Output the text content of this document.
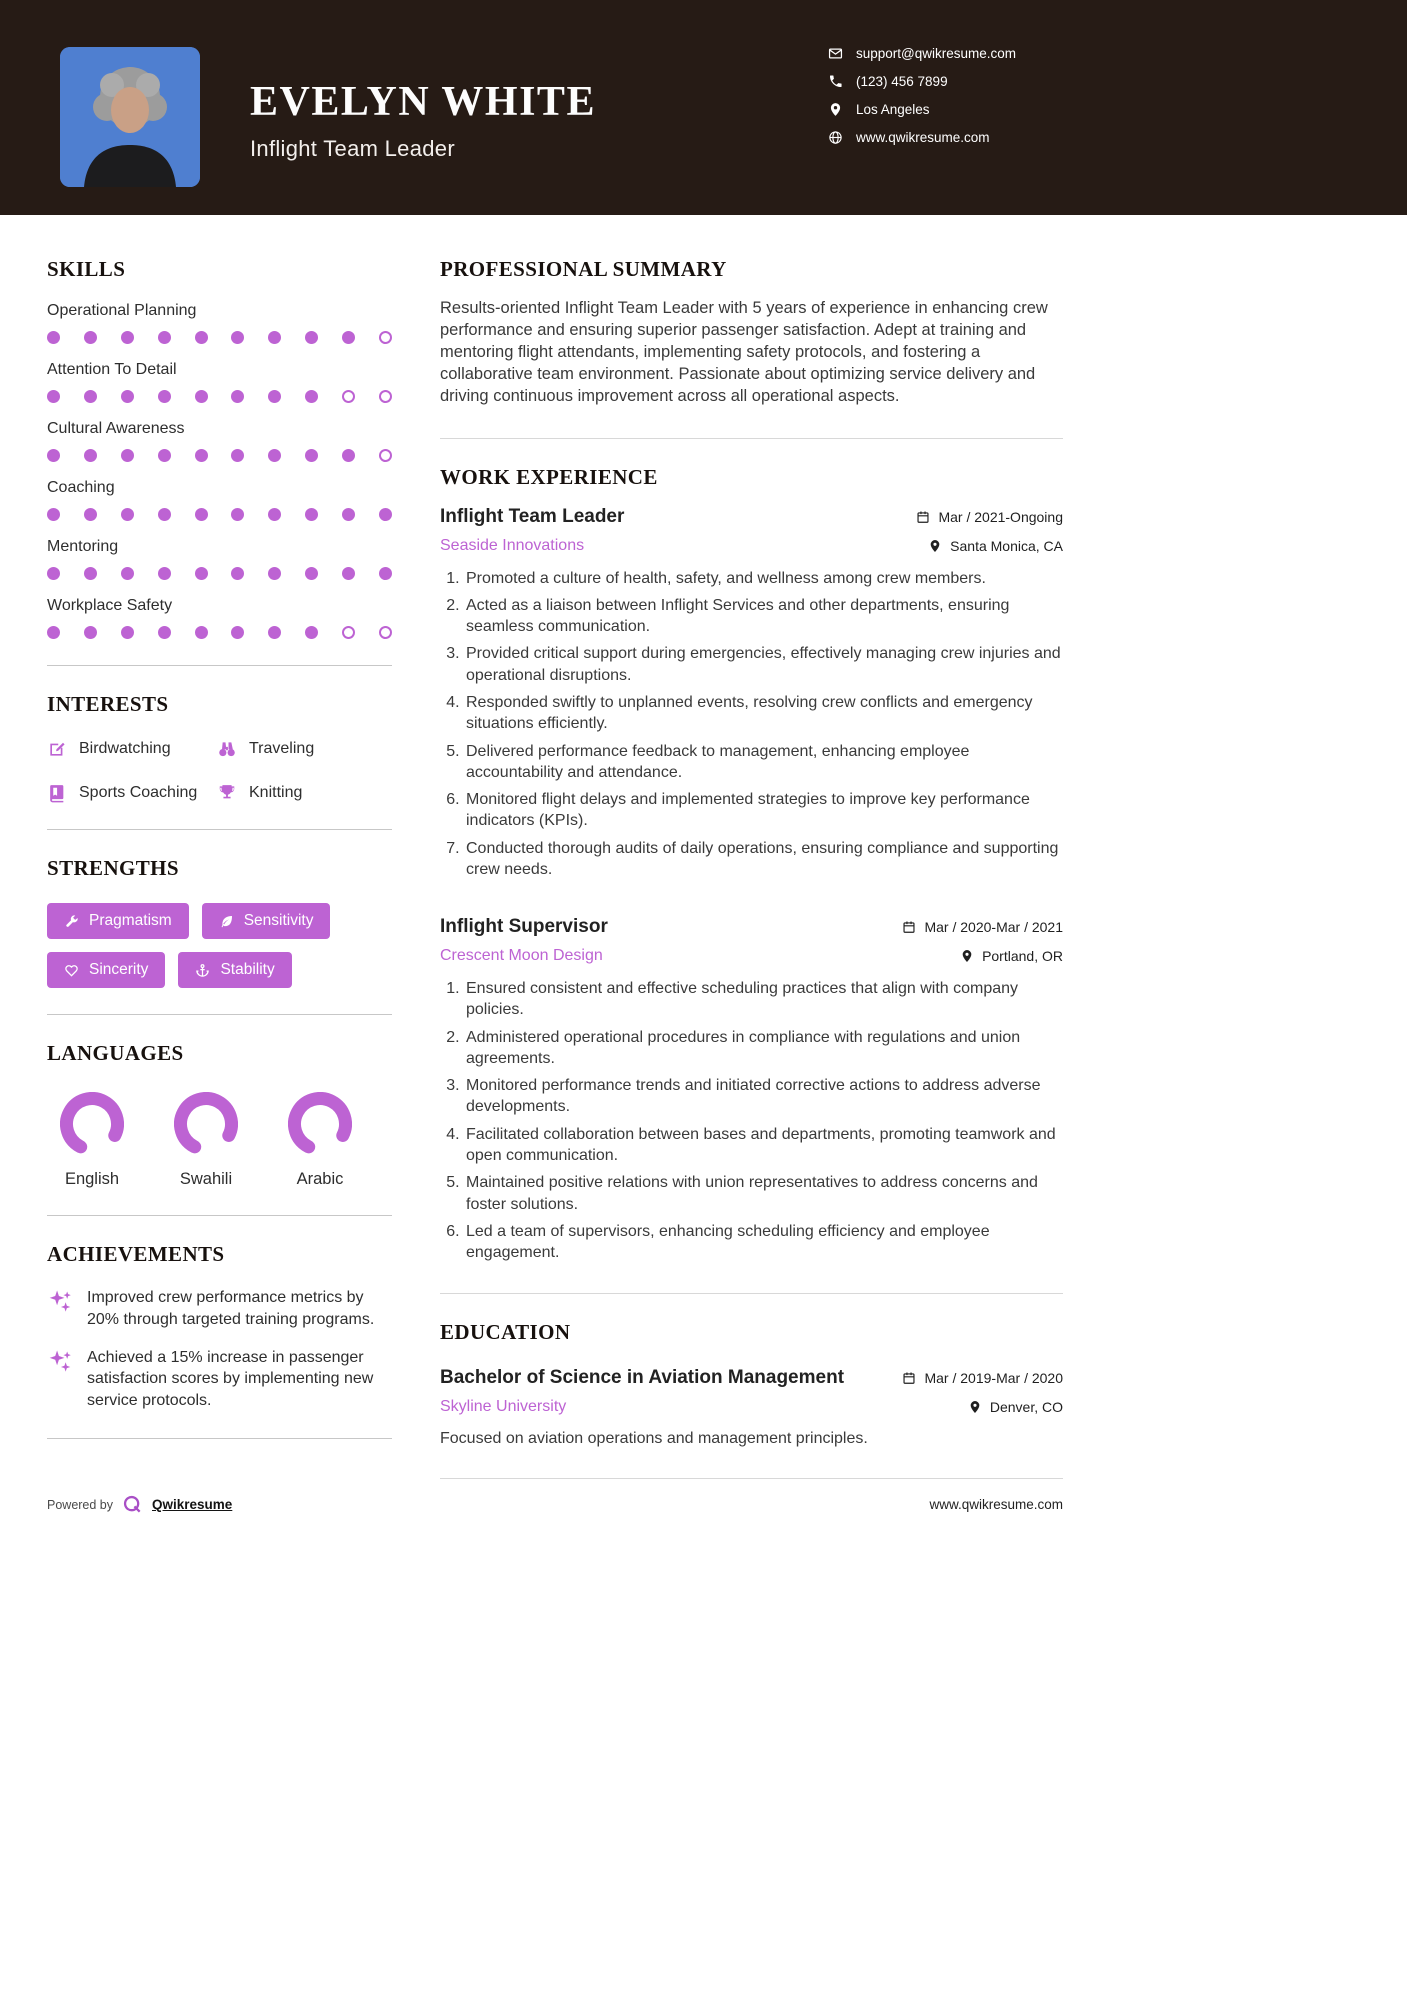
EVELYN WHITE
Inflight Team Leader
support@qwikresume.com
(123) 456 7899
Los Angeles
www.qwikresume.com
SKILLS
Operational Planning
Attention To Detail
Cultural Awareness
Coaching
Mentoring
Workplace Safety
INTERESTS
Birdwatching	Traveling
Sports Coaching	Knitting
STRENGTHS
Pragmatism	Sensitivity
Sincerity	Stability
LANGUAGES
English	Swahili	Arabic
ACHIEVEMENTS
Improved crew performance metrics by 20% through targeted training programs.
Achieved a 15% increase in passenger satisfaction scores by implementing new service protocols.
PROFESSIONAL SUMMARY

Results-oriented Inflight Team Leader with 5 years of experience in enhancing crew performance and ensuring superior passenger satisfaction. Adept at training and mentoring flight attendants, implementing safety protocols, and fostering a collaborative team environment. Passionate about optimizing service delivery and driving continuous improvement across all operational aspects.

WORK EXPERIENCE
Inflight Team Leader	Mar / 2021-Ongoing
Seaside Innovations	Santa Monica, CA
1. Promoted a culture of health, safety, and wellness among crew members.
2. Acted as a liaison between Inflight Services and other departments, ensuring seamless communication.
3. Provided critical support during emergencies, effectively managing crew injuries and operational disruptions.
4. Responded swiftly to unplanned events, resolving crew conflicts and emergency situations efficiently.
5. Delivered performance feedback to management, enhancing employee accountability and attendance.
6. Monitored flight delays and implemented strategies to improve key performance indicators (KPIs).
7. Conducted thorough audits of daily operations, ensuring compliance and supporting crew needs.
Inflight Supervisor	Mar / 2020-Mar / 2021
Crescent Moon Design	Portland, OR
1. Ensured consistent and effective scheduling practices that align with company policies.
2. Administered operational procedures in compliance with regulations and union agreements.
3. Monitored performance trends and initiated corrective actions to address adverse developments.
4. Facilitated collaboration between bases and departments, promoting teamwork and open communication.
5. Maintained positive relations with union representatives to address concerns and foster solutions.
6. Led a team of supervisors, enhancing scheduling efficiency and employee engagement.
EDUCATION
Bachelor of Science in Aviation Management	Mar / 2019-Mar / 2020
Skyline University	Denver, CO

Focused on aviation operations and management principles.

Powered by	Qwikresume	www.qwikresume.com
